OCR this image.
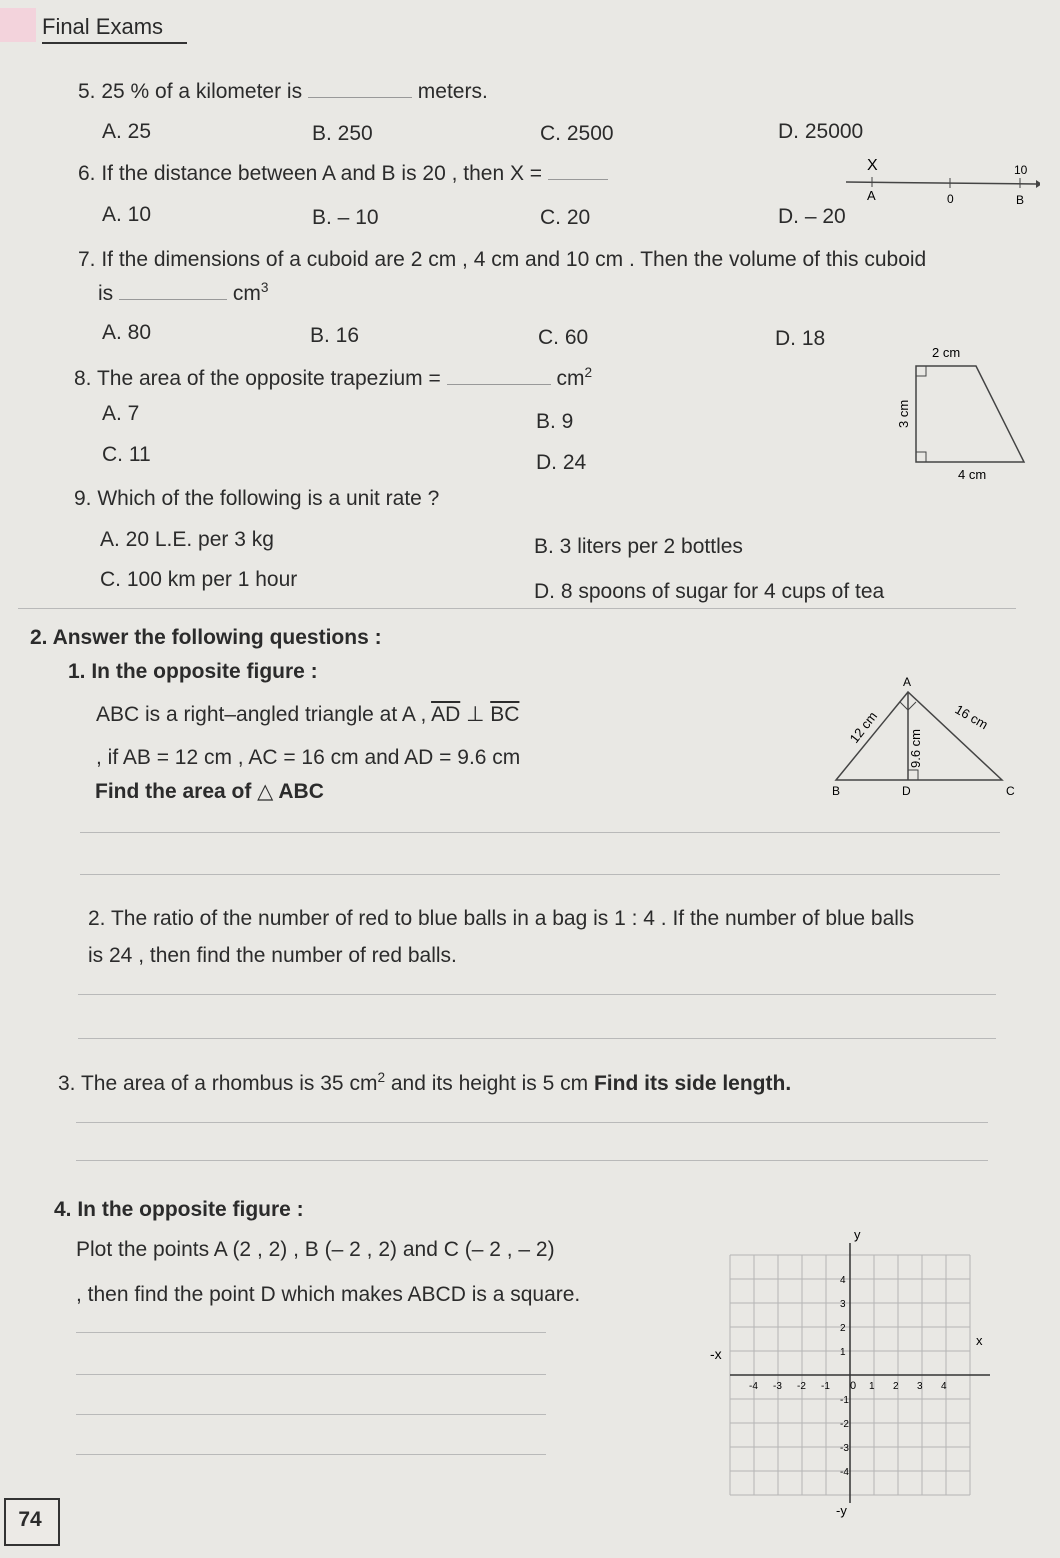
Final Exams
5. 25 % of a kilometer is	meters.
A. 25	B. 250	C. 2500	D. 25000
6. If the distance between A and B is 20 , then X =
A. 10	B. – 10	C. 20	D. – 20
X
A	0	B
10
7. If the dimensions of a cuboid are 2 cm , 4 cm and 10 cm . Then the volume of this cuboid
is	$cm^3$
A. 80	B. 16	C. 60	D. 18
8. The area of the opposite trapezium =	$cm^2$
A. 7	B. 9
C. 11	D. 24
2 cm
3 cm
4 cm
9. Which of the following is a unit rate ?
A. 20 L.E. per 3 kg	B. 3 liters per 2 bottles
C. 100 km per 1 hour
D. 8 spoons of sugar for 4 cups of tea
2. Answer the following questions :
1. In the opposite figure :
ABC is a right–angled triangle at A , $\overline{AD}$ ⊥ $\overline{BC}$
, if AB = 12 cm , AC = 16 cm and AD = 9.6 cm
Find the area of △ ABC
A
B	C
D
12 cm	16 cm
9.6 cm
2. The ratio of the number of red to blue balls in a bag is 1 : 4 . If the number of blue balls
is 24 , then find the number of red balls.
3. The area of a rhombus is 35 $cm^2$ and its height is 5 cm Find its side length.
4. In the opposite figure :
Plot the points A (2 , 2) , B (– 2 , 2) and C (– 2 , – 2)
, then find the point D which makes ABCD is a square.
y
-y
x
-x
0
-4 -3 -2 -1	1 2 3 4
4
3
2
1
-1
-2
-3
-4
74
